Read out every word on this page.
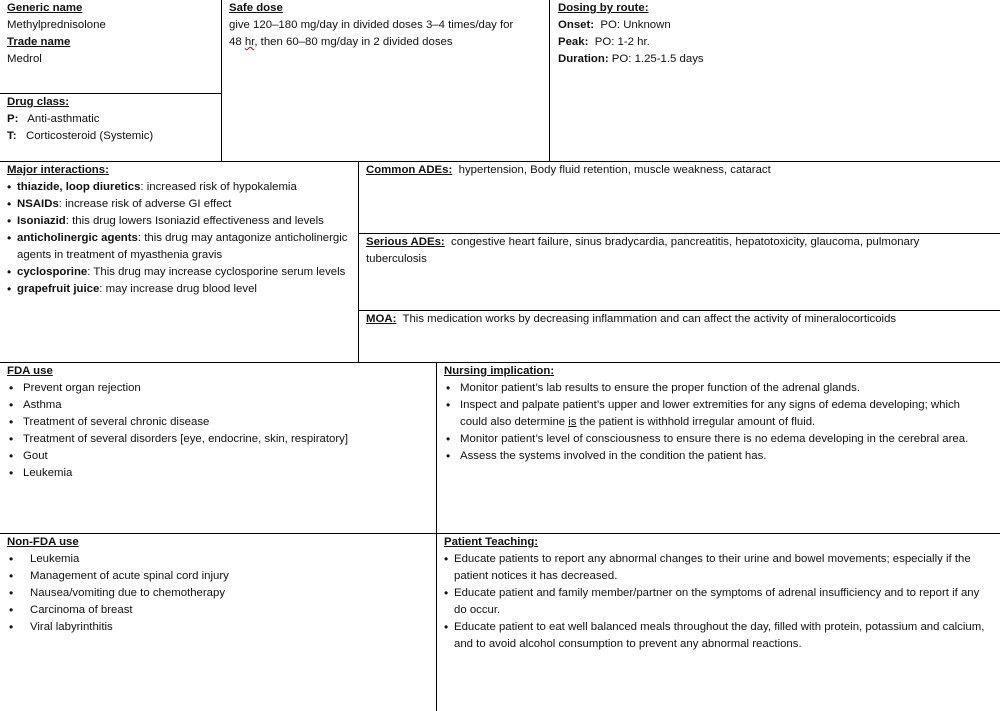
Generic name
Methylprednisolone
Trade name
Medrol
Drug class:
P: Anti-asthmatic
T: Corticosteroid (Systemic)
Safe dose
give 120–180 mg/day in divided doses 3–4 times/day for
48 hr, then 60–80 mg/day in 2 divided doses
Dosing by route:
Onset: PO: Unknown
Peak: PO: 1-2 hr.
Duration: PO: 1.25-1.5 days
Major interactions:
• thiazide, loop diuretics: increased risk of hypokalemia
• NSAIDs: increase risk of adverse GI effect
• Isoniazid: this drug lowers Isoniazid effectiveness and levels
• anticholinergic agents: this drug may antagonize anticholinergic agents in treatment of myasthenia gravis
• cyclosporine: This drug may increase cyclosporine serum levels
• grapefruit juice: may increase drug blood level
Common ADEs: hypertension, Body fluid retention, muscle weakness, cataract
Serious ADEs: congestive heart failure, sinus bradycardia, pancreatitis, hepatotoxicity, glaucoma, pulmonary tuberculosis
MOA: This medication works by decreasing inflammation and can affect the activity of mineralocorticoids
FDA use
• Prevent organ rejection
• Asthma
• Treatment of several chronic disease
• Treatment of several disorders [eye, endocrine, skin, respiratory]
• Gout
• Leukemia
Nursing implication:
• Monitor patient’s lab results to ensure the proper function of the adrenal glands.
• Inspect and palpate patient’s upper and lower extremities for any signs of edema developing; which could also determine is the patient is withhold irregular amount of fluid.
• Monitor patient’s level of consciousness to ensure there is no edema developing in the cerebral area.
• Assess the systems involved in the condition the patient has.
Non-FDA use
• Leukemia
• Management of acute spinal cord injury
• Nausea/vomiting due to chemotherapy
• Carcinoma of breast
• Viral labyrinthitis
Patient Teaching:
• Educate patients to report any abnormal changes to their urine and bowel movements; especially if the patient notices it has decreased.
• Educate patient and family member/partner on the symptoms of adrenal insufficiency and to report if any do occur.
• Educate patient to eat well balanced meals throughout the day, filled with protein, potassium and calcium, and to avoid alcohol consumption to prevent any abnormal reactions.
